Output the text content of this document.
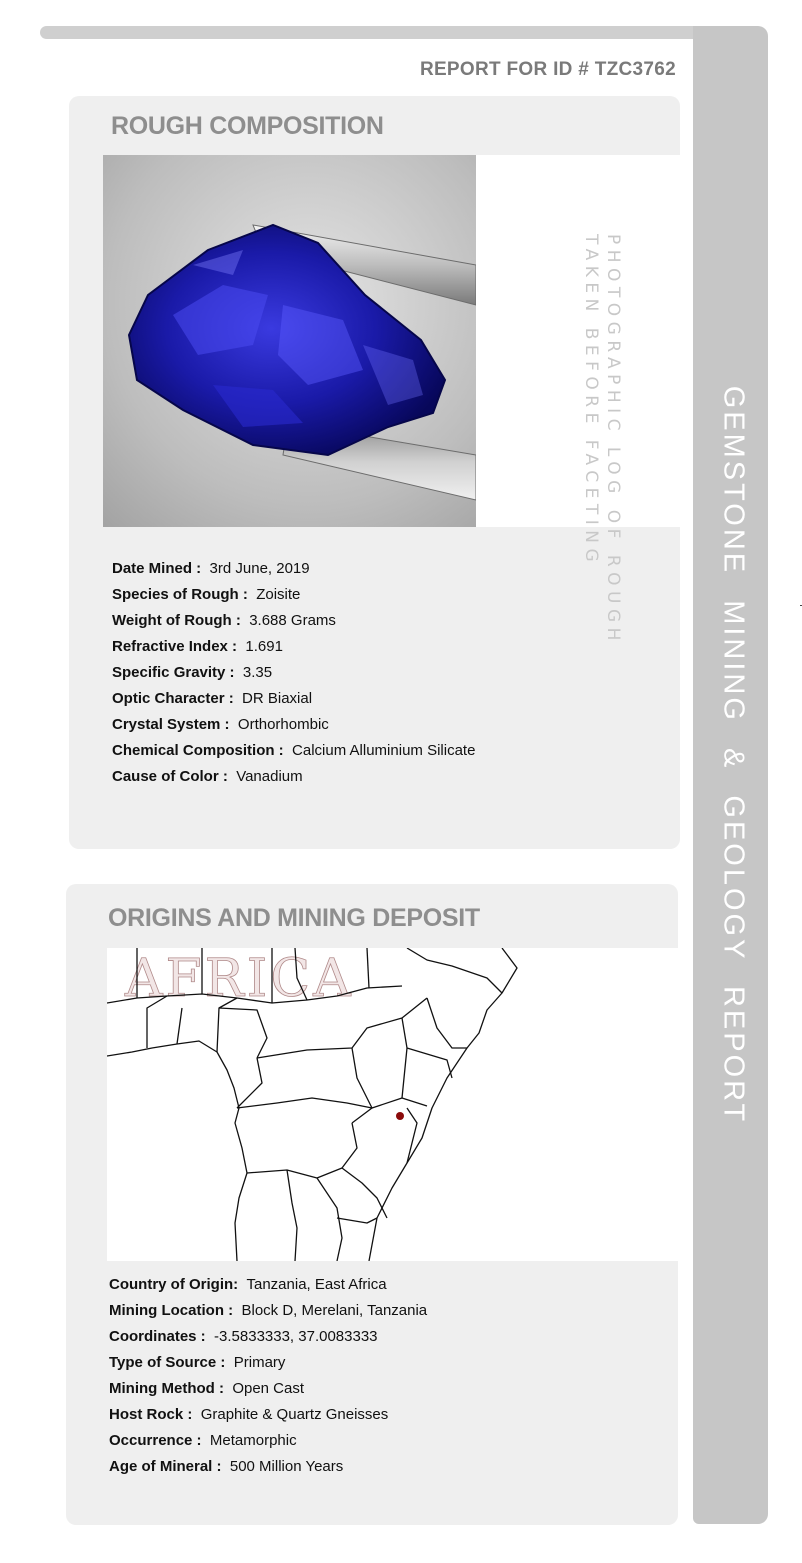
GEMSTONE MINING & GEOLOGY REPORT
REPORT FOR ID # TZC3762
ROUGH COMPOSITION
PHOTOGRAPHIC LOG OF ROUGH
TAKEN BEFORE FACETING
Date Mined : 3rd June, 2019
Species of Rough : Zoisite
Weight of Rough : 3.688 Grams
Refractive Index : 1.691
Specific Gravity : 3.35
Optic Character : DR Biaxial
Crystal System : Orthorhombic
Chemical Composition : Calcium Alluminium Silicate
Cause of Color : Vanadium
ORIGINS AND MINING DEPOSIT
AFRICA
Country of Origin: Tanzania, East Africa
Mining Location : Block D, Merelani, Tanzania
Coordinates : -3.5833333, 37.0083333
Type of Source : Primary
Mining Method : Open Cast
Host Rock : Graphite & Quartz Gneisses
Occurrence : Metamorphic
Age of Mineral : 500 Million Years
